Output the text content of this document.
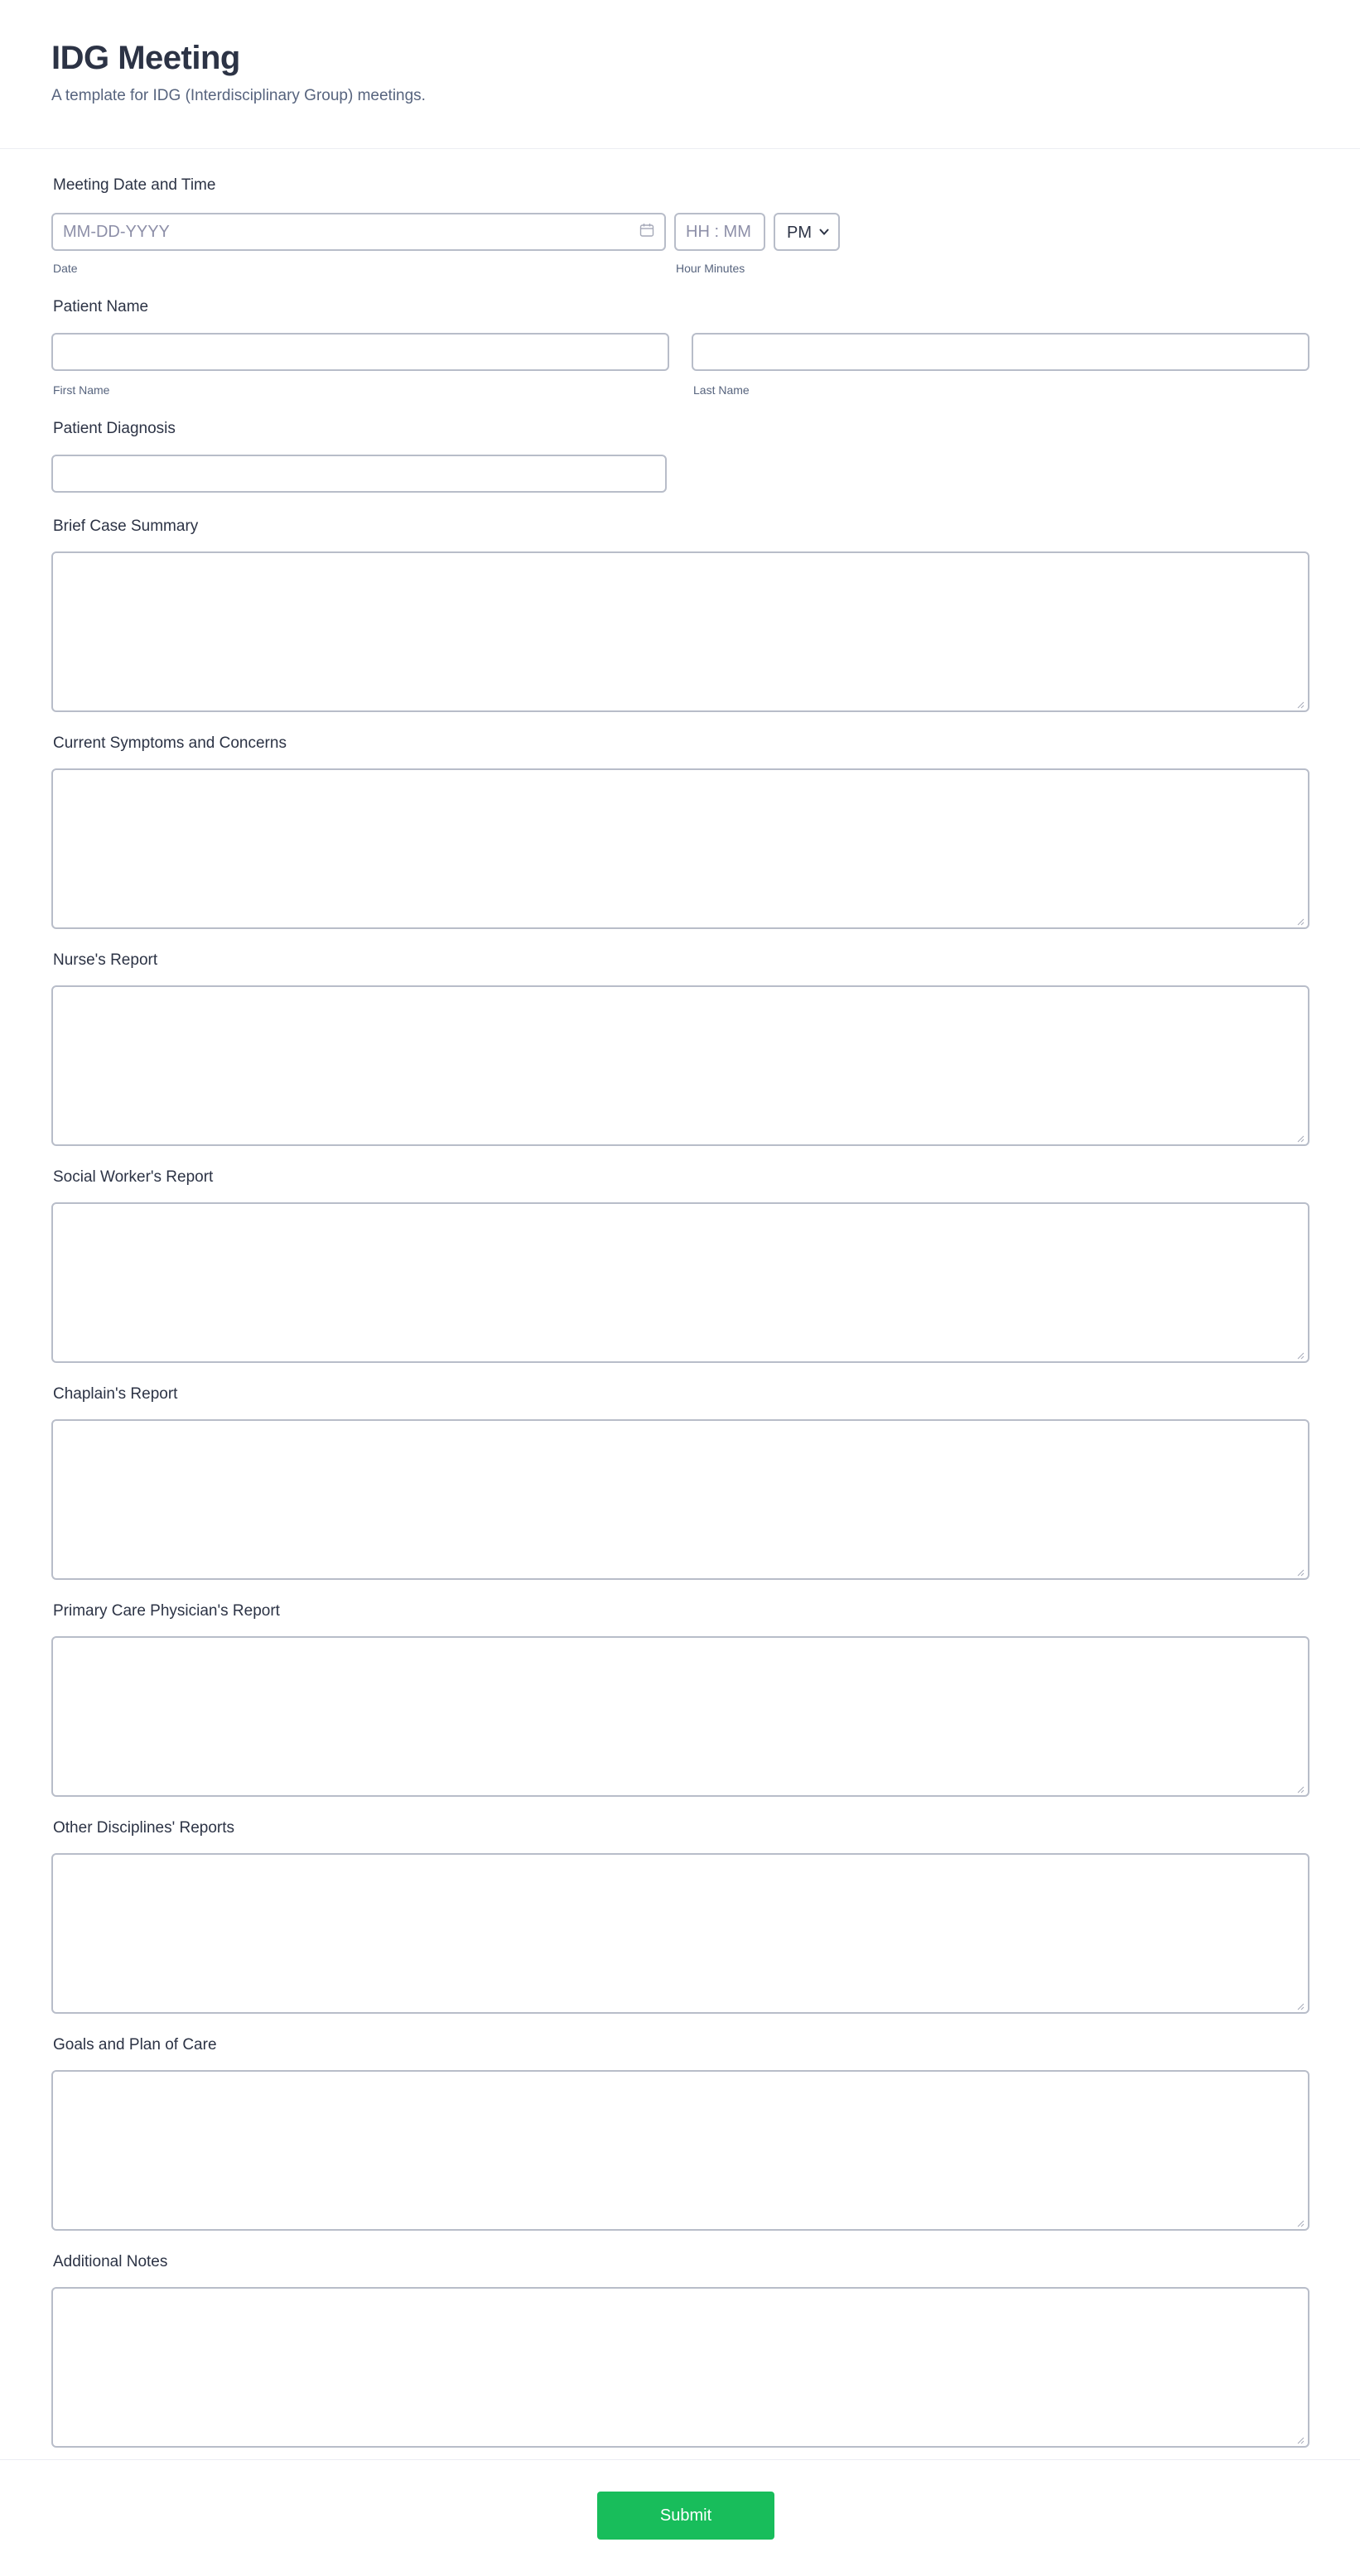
IDG Meeting

A template for IDG (Interdisciplinary Group) meetings.

Meeting Date and Time
MM-DD-YYYY
Date
HH : MM	Hour Minutes
PM
Patient Name
First Name	Last Name
Patient Diagnosis
Brief Case Summary
Current Symptoms and Concerns
Nurse's Report
Social Worker's Report
Chaplain's Report
Primary Care Physician's Report
Other Disciplines' Reports
Goals and Plan of Care
Additional Notes
Submit
